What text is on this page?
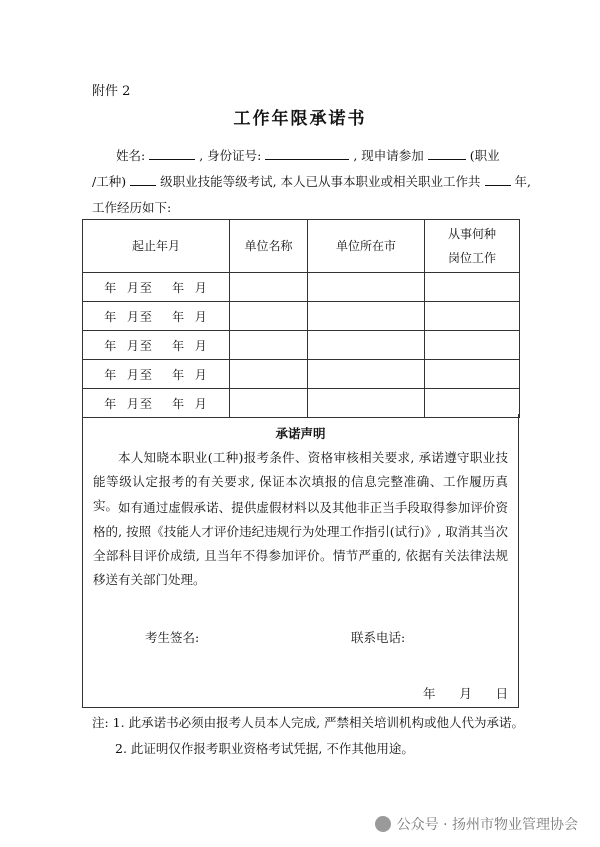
附件 2
工作年限承诺书
姓名:	, 身份证号:	, 现申请参加	(职业
/工种)	级职业技能等级考试, 本人已从事本职业或相关职业工作共	年,
工作经历如下:
起止年月	单位名称	单位所在市	从事何种
岗位工作
年  月至    年  月			
年  月至    年  月			
年  月至    年  月			
年  月至    年  月			
年  月至    年  月			
承诺声明
本人知晓本职业(工种)报考条件、资格审核相关要求, 承诺遵守职业技能等级认定报考的有关要求, 保证本次填报的信息完整准确、工作履历真实。 如有通过虚假承诺、提供虚假材料以及其他非正当手段取得参加评价资格的, 按照《技能人才评价违纪违规行为处理工作指引(试行)》, 取消其当次全部科目评价成绩, 且当年不得参加评价。情节严重的, 依据有关法律法规移送有关部门处理。
考生签名:	联系电话:
年      月      日
注: 1. 此承诺书必须由报考人员本人完成, 严禁相关培训机构或他人代为承诺。
2. 此证明仅作报考职业资格考试凭据, 不作其他用途。
公众号 · 扬州市物业管理协会
